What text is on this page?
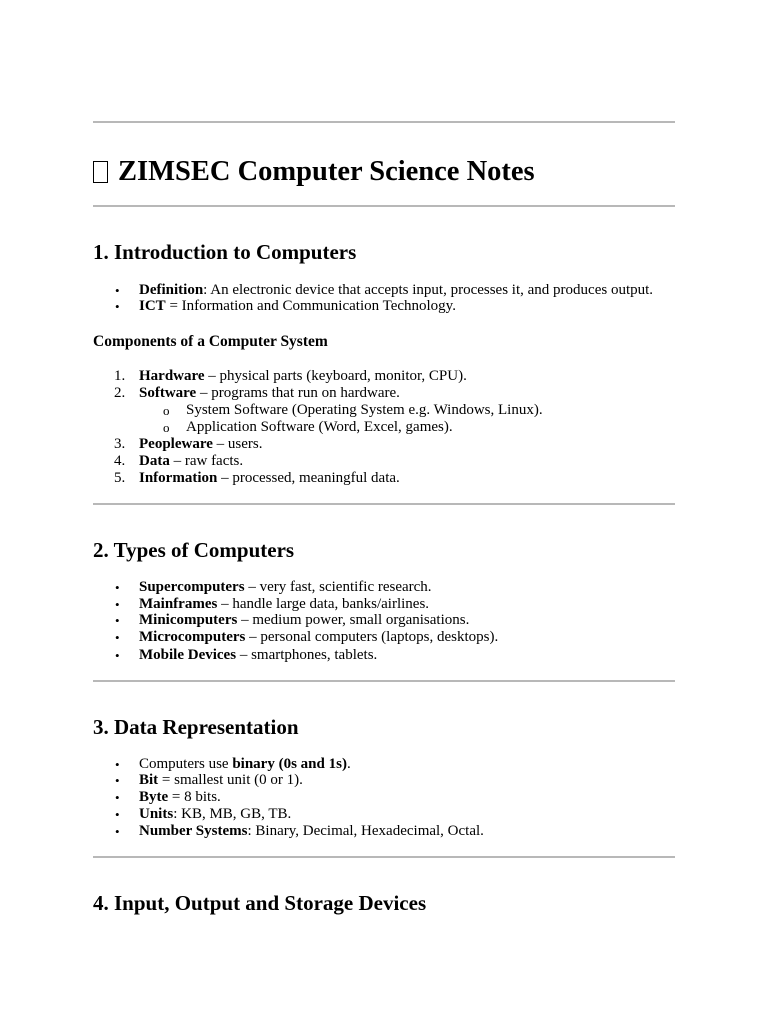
ZIMSEC Computer Science Notes
1. Introduction to Computers
• Definition: An electronic device that accepts input, processes it, and produces output.
• ICT = Information and Communication Technology.
Components of a Computer System
1. Hardware – physical parts (keyboard, monitor, CPU).
2. Software – programs that run on hardware.
o System Software (Operating System e.g. Windows, Linux).
o Application Software (Word, Excel, games).
3. Peopleware – users.
4. Data – raw facts.
5. Information – processed, meaningful data.
2. Types of Computers
• Supercomputers – very fast, scientific research.
• Mainframes – handle large data, banks/airlines.
• Minicomputers – medium power, small organisations.
• Microcomputers – personal computers (laptops, desktops).
• Mobile Devices – smartphones, tablets.
3. Data Representation
• Computers use binary (0s and 1s).
• Bit = smallest unit (0 or 1).
• Byte = 8 bits.
• Units: KB, MB, GB, TB.
• Number Systems: Binary, Decimal, Hexadecimal, Octal.
4. Input, Output and Storage Devices
